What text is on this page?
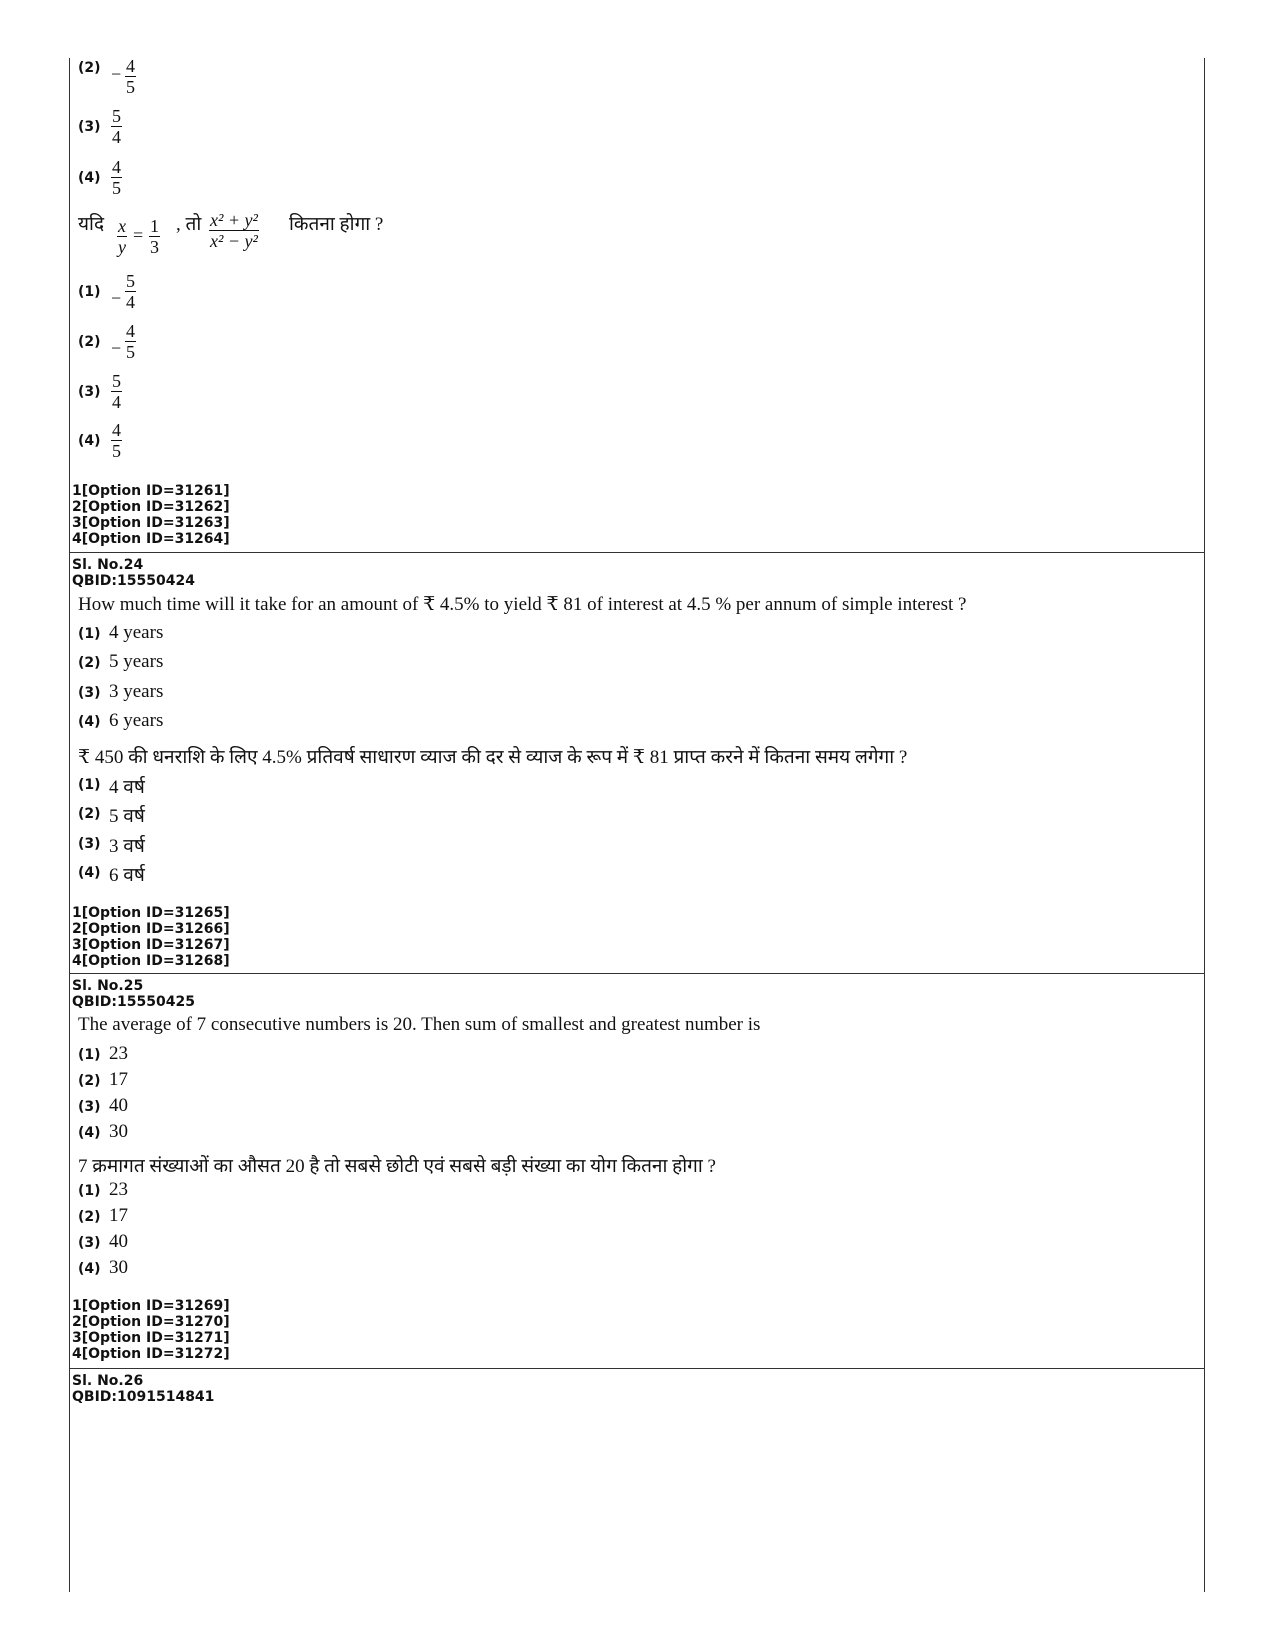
$(2) - \frac{4}{5}$
$(3) \frac{5}{4}$
$(4) \frac{4}{5}$
यदि $\frac{x}{y} = \frac{1}{3}$ , तो $\frac{\text{x² + y²}}{\text{x² − y²}}$ कितना होगा ?
$(1) - \frac{5}{4}$
$(2) - \frac{4}{5}$
$(3) \frac{5}{4}$
$(4) \frac{4}{5}$
1[Option ID=31261]
2[Option ID=31262]
3[Option ID=31263]
4[Option ID=31264]
Sl. No.24
QBID:15550424
How much time will it take for an amount of ₹ 4.5% to yield ₹ 81 of interest at 4.5 % per annum of simple interest ?
(1) 4 years
(2) 5 years
(3) 3 years
(4) 6 years
₹ 450 की धनराशि के लिए 4.5% प्रतिवर्ष साधारण व्याज की दर से व्याज के रूप में ₹ 81 प्राप्त करने में कितना समय लगेगा ?
(1) 4 वर्ष
(2) 5 वर्ष
(3) 3 वर्ष
(4) 6 वर्ष
1[Option ID=31265]
2[Option ID=31266]
3[Option ID=31267]
4[Option ID=31268]
Sl. No.25
QBID:15550425
The average of 7 consecutive numbers is 20. Then sum of smallest and greatest number is
(1) 23
(2) 17
(3) 40
(4) 30
7 क्रमागत संख्याओं का औसत 20 है तो सबसे छोटी एवं सबसे बड़ी संख्या का योग कितना होगा ?
(1) 23
(2) 17
(3) 40
(4) 30
1[Option ID=31269]
2[Option ID=31270]
3[Option ID=31271]
4[Option ID=31272]
Sl. No.26
QBID:1091514841
